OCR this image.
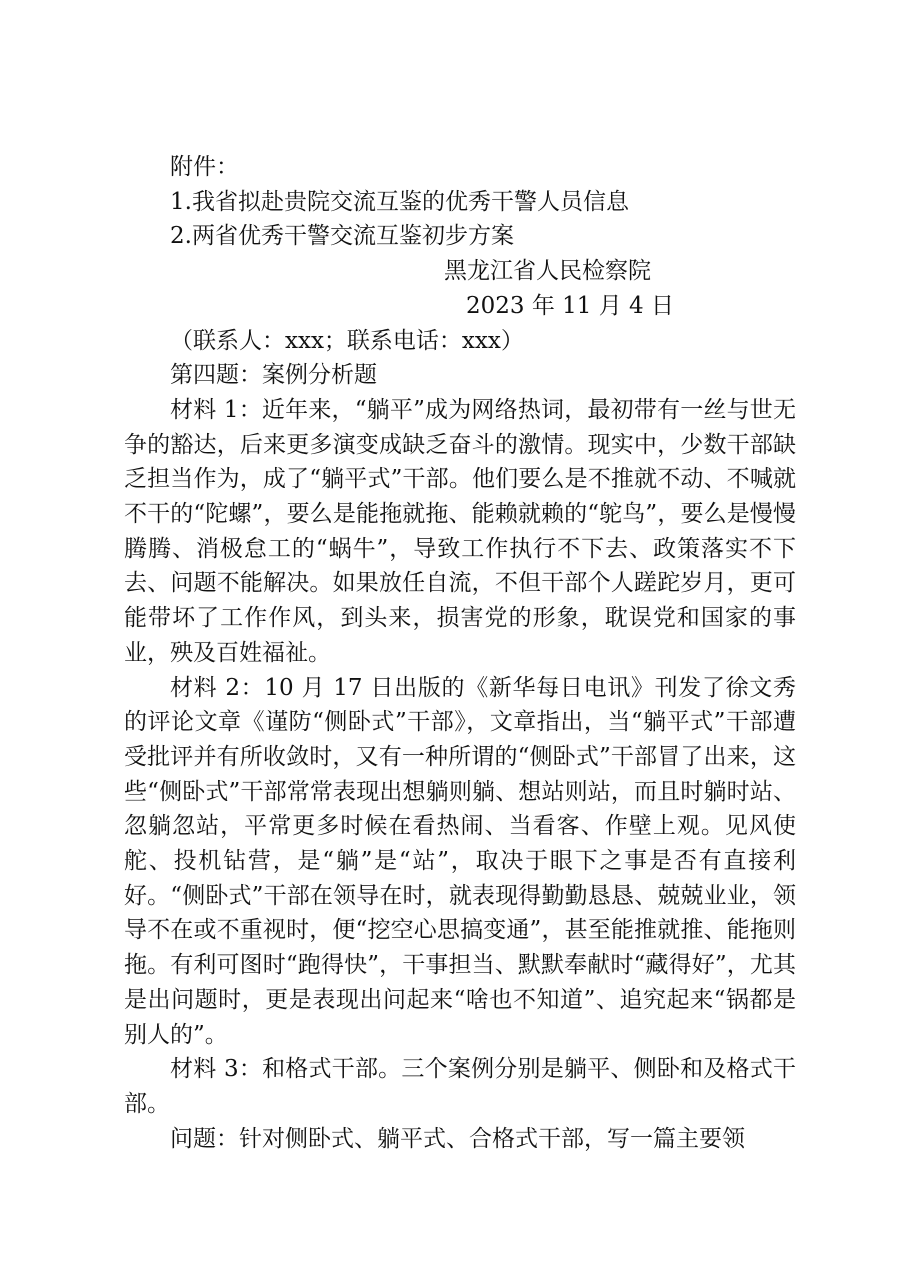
附件：

1.我省拟赴贵院交流互鉴的优秀干警人员信息

2.两省优秀干警交流互鉴初步方案

黑龙江省人民检察院

2023 年 11 月 4 日

（联系人：xxx；联系电话：xxx）

第四题：案例分析题

材料 1：近年来，“躺平”成为网络热词，最初带有一丝与世无争的豁达，后来更多演变成缺乏奋斗的激情。现实中，少数干部缺乏担当作为，成了“躺平式”干部。他们要么是不推就不动、不喊就不干的“陀螺”，要么是能拖就拖、能赖就赖的“鸵鸟”，要么是慢慢腾腾、消极怠工的“蜗牛”，导致工作执行不下去、政策落实不下去、问题不能解决。如果放任自流，不但干部个人蹉跎岁月，更可能带坏了工作作风，到头来，损害党的形象，耽误党和国家的事业，殃及百姓福祉。

材料 2：10 月 17 日出版的《新华每日电讯》刊发了徐文秀的评论文章《谨防“侧卧式”干部》，文章指出，当“躺平式”干部遭受批评并有所收敛时，又有一种所谓的“侧卧式”干部冒了出来，这些“侧卧式”干部常常表现出想躺则躺、想站则站，而且时躺时站、忽躺忽站，平常更多时候在看热闹、当看客、作壁上观。见风使舵、投机钻营，是“躺”是“站”，取决于眼下之事是否有直接利好。“侧卧式”干部在领导在时，就表现得勤勤恳恳、兢兢业业，领导不在或不重视时，便“挖空心思搞变通”，甚至能推就推、能拖则拖。有利可图时“跑得快”，干事担当、默默奉献时“藏得好”，尤其是出问题时，更是表现出问起来“啥也不知道”、追究起来“锅都是别人的”。

材料 3：和格式干部。三个案例分别是躺平、侧卧和及格式干部。

问题：针对侧卧式、躺平式、合格式干部，写一篇主要领
